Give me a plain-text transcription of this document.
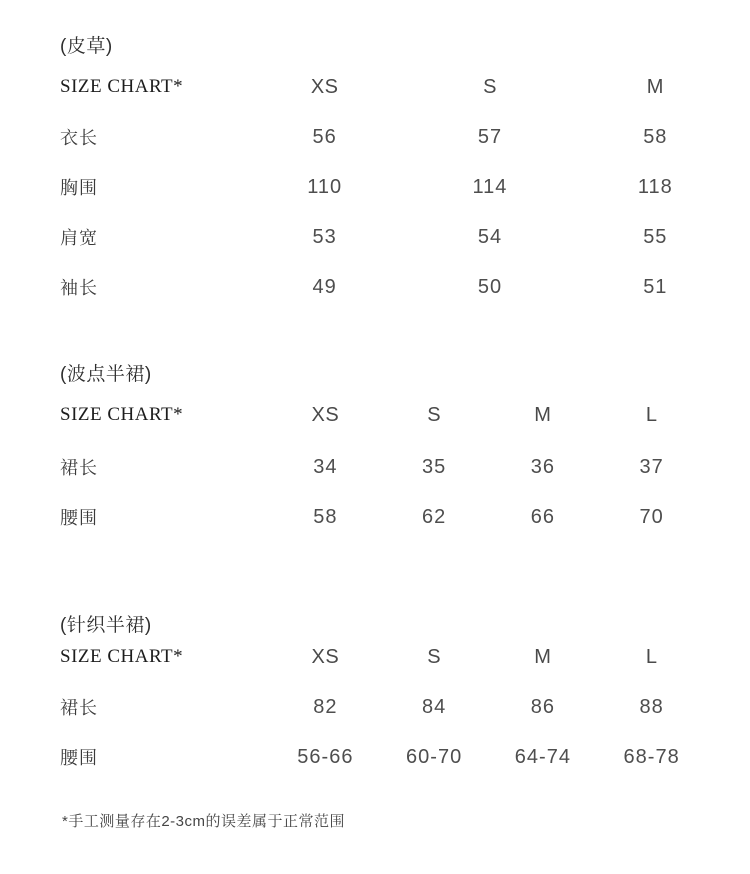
(皮草)
SIZE CHART*	XS	S	M
衣长	56	57	58
胸围	110	114	118
肩宽	53	54	55
袖长	49	50	51
(波点半裙)
SIZE CHART*	XS	S	M	L
裙长	34	35	36	37
腰围	58	62	66	70
(针织半裙)
SIZE CHART*	XS	S	M	L
裙长	82	84	86	88
腰围	56-66	60-70	64-74	68-78
*手工测量存在2-3cm的误差属于正常范围
